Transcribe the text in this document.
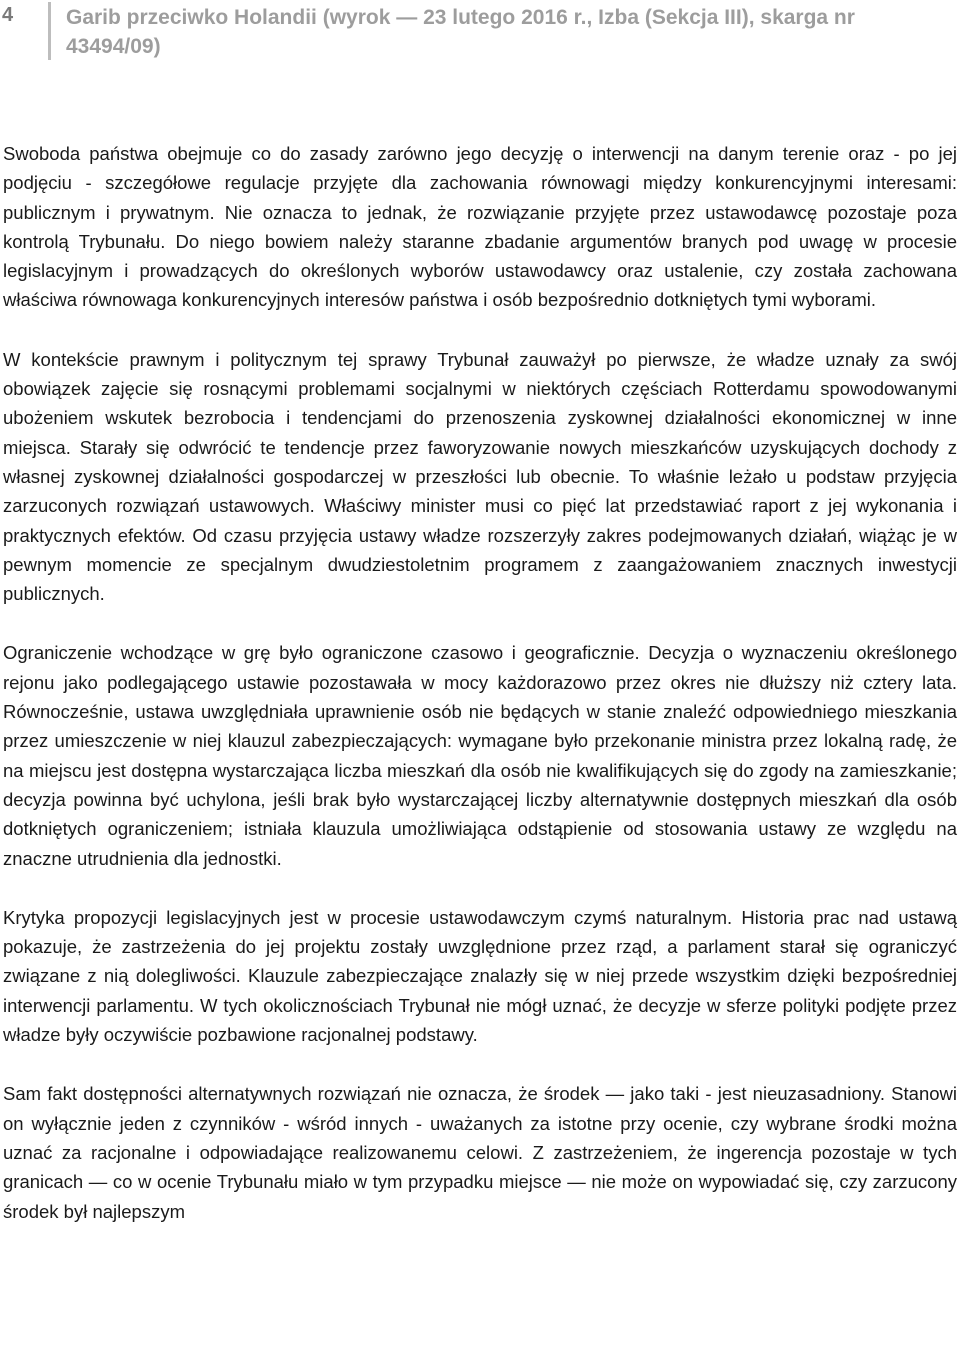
4	Garib przeciwko Holandii (wyrok — 23 lutego 2016 r., Izba (Sekcja III), skarga nr 43494/09)

Swoboda państwa obejmuje co do zasady zarówno jego decyzję o interwencji na danym terenie oraz - po jej podjęciu - szczegółowe regulacje przyjęte dla zachowania równowagi między konkurencyjnymi interesami: publicznym i prywatnym. Nie oznacza to jednak, że rozwiązanie przyjęte przez ustawodawcę pozostaje poza kontrolą Trybunału. Do niego bowiem należy staranne zbadanie argumentów branych pod uwagę w procesie legislacyjnym i prowadzących do określonych wyborów ustawodawcy oraz ustalenie, czy została zachowana właściwa równowaga konkurencyjnych interesów państwa i osób bezpośrednio dotkniętych tymi wyborami.

W kontekście prawnym i politycznym tej sprawy Trybunał zauważył po pierwsze, że władze uznały za swój obowiązek zajęcie się rosnącymi problemami socjalnymi w niektórych częściach Rotterdamu spowodowanymi ubożeniem wskutek bezrobocia i tendencjami do przenoszenia zyskownej działalności ekonomicznej w inne miejsca. Starały się odwrócić te tendencje przez faworyzowanie nowych mieszkańców uzyskujących dochody z własnej zyskownej działalności gospodarczej w przeszłości lub obecnie. To właśnie leżało u podstaw przyjęcia zarzuconych rozwiązań ustawowych. Właściwy minister musi co pięć lat przedstawiać raport z jej wykonania i praktycznych efektów. Od czasu przyjęcia ustawy władze rozszerzyły zakres podejmowanych działań, wiążąc je w pewnym momencie ze specjalnym dwudziestoletnim programem z zaangażowaniem znacznych inwestycji publicznych.

Ograniczenie wchodzące w grę było ograniczone czasowo i geograficznie. Decyzja o wyznaczeniu określonego rejonu jako podlegającego ustawie pozostawała w mocy każdorazowo przez okres nie dłuższy niż cztery lata. Równocześnie, ustawa uwzględniała uprawnienie osób nie będących w stanie znaleźć odpowiedniego mieszkania przez umieszczenie w niej klauzul zabezpieczających: wymagane było przekonanie ministra przez lokalną radę, że na miejscu jest dostępna wystarczająca liczba mieszkań dla osób nie kwalifikujących się do zgody na zamieszkanie; decyzja powinna być uchylona, jeśli brak było wystarczającej liczby alternatywnie dostępnych mieszkań dla osób dotkniętych ograniczeniem; istniała klauzula umożliwiająca odstąpienie od stosowania ustawy ze względu na znaczne utrudnienia dla jednostki.

Krytyka propozycji legislacyjnych jest w procesie ustawodawczym czymś naturalnym. Historia prac nad ustawą pokazuje, że zastrzeżenia do jej projektu zostały uwzględnione przez rząd, a parlament starał się ograniczyć związane z nią dolegliwości. Klauzule zabezpieczające znalazły się w niej przede wszystkim dzięki bezpośredniej interwencji parlamentu. W tych okolicznościach Trybunał nie mógł uznać, że decyzje w sferze polityki podjęte przez władze były oczywiście pozbawione racjonalnej podstawy.

Sam fakt dostępności alternatywnych rozwiązań nie oznacza, że środek — jako taki - jest nieuzasadniony. Stanowi on wyłącznie jeden z czynników - wśród innych - uważanych za istotne przy ocenie, czy wybrane środki można uznać za racjonalne i odpowiadające realizowanemu celowi. Z zastrzeżeniem, że ingerencja pozostaje w tych granicach — co w ocenie Trybunału miało w tym przypadku miejsce — nie może on wypowiadać się, czy zarzucony środek był najlepszym
